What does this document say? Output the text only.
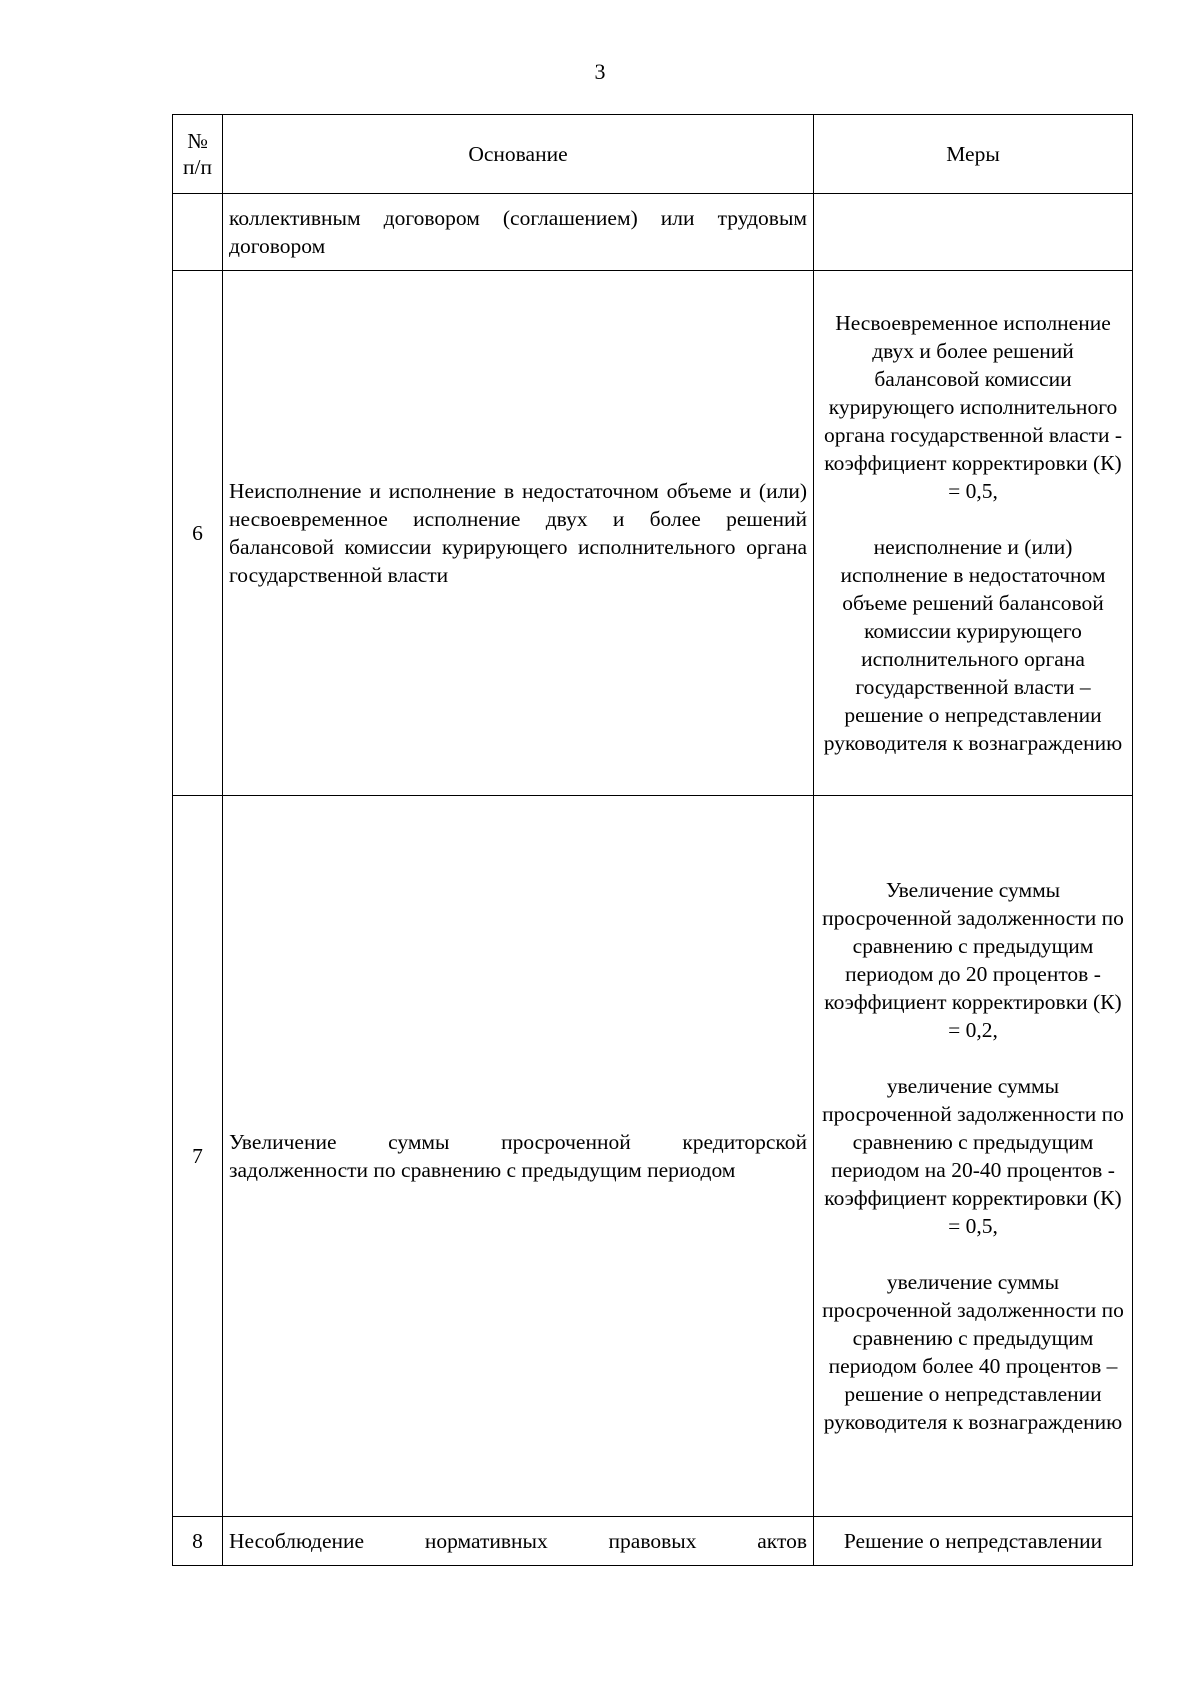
3
№ п/п	Основание	Меры
	коллективным договором (соглашением) или трудовым договором	
6	Неисполнение и исполнение в недостаточном объеме и (или) несвоевременное исполнение двух и более решений балансовой комиссии курирующего исполнительного органа государственной власти	Несвоевременное исполнение двух и более решений балансовой комиссии курирующего исполнительного органа государственной власти - коэффициент корректировки (К) = 0,5,
неисполнение и (или) исполнение в недостаточном объеме решений балансовой комиссии курирующего исполнительного органа государственной власти – решение о непредставлении руководителя к вознаграждению

7	Увеличение суммы просроченной кредиторской задолженности по сравнению с предыдущим периодом	Увеличение суммы просроченной задолженности по сравнению с предыдущим периодом до 20 процентов - коэффициент корректировки (К) = 0,2,
увеличение суммы просроченной задолженности по сравнению с предыдущим периодом на 20-40 процентов - коэффициент корректировки (К) = 0,5,
увеличение суммы просроченной задолженности по сравнению с предыдущим периодом более 40 процентов – решение о непредставлении руководителя к вознаграждению

8	Несоблюдение нормативных правовых актов	Решение о непредставлении
